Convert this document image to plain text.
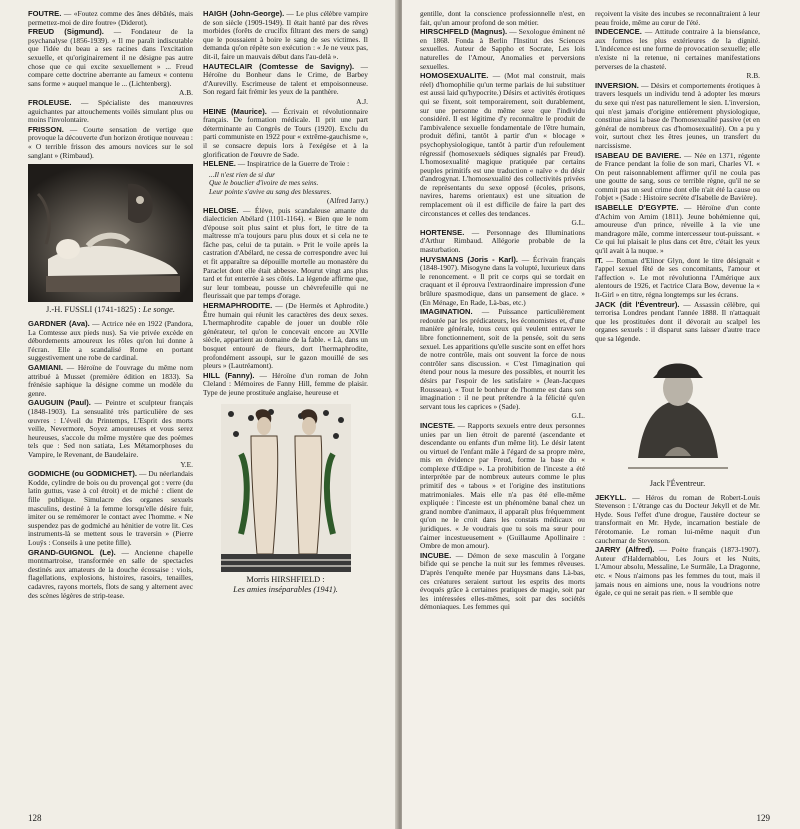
FOUTRE. — «Foutez comme des ânes débâtés, mais permettez-moi de dire foutre» (Diderot).
FREUD (Sigmund). — Fondateur de la psychanalyse (1856-1939). « Il me paraît indiscutable que l'idée du beau a ses racines dans l'excitation sexuelle, et qu'originairement il ne désigne pas autre chose que ce qui excite sexuellement » ... Freud compare cette doctrine aberrante au fameux « contenu sans forme » auquel manque le ... (Lichtenberg).
A.B.
FROLEUSE. — Spécialiste des manœuvres aguichantes par attouchements voilés simulant plus ou moins l'involontaire.
FRISSON. — Courte sensation de vertige que provoque la découverte d'un horizon érotique nouveau : « O terrible frisson des amours novices sur le sol sanglant » (Rimbaud).
J.-H. FUSSLI (1741-1825) : Le songe.
GARDNER (Ava). — Actrice née en 1922 (Pandora, La Comtesse aux pieds nus). Sa vie privée excède en débordements amoureux les rôles qu'on lui donne à l'écran. Elle a scandalisé Rome en portant suggestivement une robe de cardinal.
GAMIANI. — Héroïne de l'ouvrage du même nom attribué à Musset (première édition en 1833). Sa frénésie saphique la désigne comme un modèle du genre.
GAUGUIN (Paul). — Peintre et sculpteur français (1848-1903). La sensualité très particulière de ses œuvres : L'éveil du Printemps, L'Esprit des morts veille, Nevermore, Soyez amoureuses et vous serez heureuses, s'accole du même mystère que des poèmes tels que : Sed non satiata, Les Métamorphoses du Vampire, le Revenant, de Baudelaire.
Y.E.
GODMICHE (ou GODMICHET). — Du néerlandais Kodde, cylindre de bois ou du provençal got : verre (du latin guttus, vase à col étroit) et de miché : client de fille publique. Simulacre des organes sexuels masculins, destiné à la femme lorsqu'elle désire fuir, imiter ou se remémorer le contact avec l'homme. « Ne suspendez pas de godmiché au hénitier de votre lit. Ces instruments-là se mettent sous le traversin » (Pierre Louÿs : Conseils à une petite fille).
GRAND-GUIGNOL (Le). — Ancienne chapelle montmartroise, transformée en salle de spectacles destinés aux amateurs de la douche écossaise : viols, flagellations, explosions, histoires, rasoirs, tenailles, cadavres, rayons mortels, flots de sang y alternent avec des scènes légères de strip-tease.
HAIGH (John-George). — Le plus célèbre vampire de son siècle (1909-1949). Il était hanté par des rêves morbides (forêts de crucifix filtrant des mers de sang) que le poussaient à boire le sang de ses victimes. Il demanda qu'on répète son exécution : « Je ne veux pas, dit-il, faire un mauvais début dans l'au-delà ».
HAUTECLAIR (Comtesse de Savigny). — Héroïne du Bonheur dans le Crime, de Barbey d'Aurevilly. Escrimeuse de talent et empoisonneuse. Son regard fait frémir les yeux de la panthère.
A.J.
HEINE (Maurice). — Écrivain et révolutionnaire français. De formation médicale. Il prit une part déterminante au Congrès de Tours (1920). Exclu du parti communiste en 1922 pour « extrême-gauchisme », il se consacre depuis lors à l'exégèse et à la glorification de l'œuvre de Sade.
HELENE. — Inspiratrice de la Guerre de Troie :
...Il n'est rien de si dur
Que le bouclier d'ivoire de mes seins.
Leur pointe s'avive au sang des blessures.
(Alfred Jarry.)
HELOISE. — Élève, puis scandaleuse amante du dialecticien Abélard (1101-1164). « Bien que le nom d'épouse soit plus saint et plus fort, le titre de ta maîtresse m'a toujours paru plus doux et si cela ne te fâche pas, celui de ta putain. » Prit le voile après la castration d'Abélard, ne cessa de correspondre avec lui et fit apparaître sa dépouille mortelle au monastère du Paraclet dont elle était abbesse. Mourut vingt ans plus tard et fut enterrée à ses côtés. La légende affirme que, sur leur tombeau, pousse un chèvrefeuille qui ne fleurissait que par temps d'orage.
HERMAPHRODITE. — (De Hermès et Aphrodite.) Être humain qui réunit les caractères des deux sexes. L'hermaphrodite capable de jouer un double rôle générateur, tel qu'on le concevait encore au XVIIe siècle, appartient au domaine de la fable. « Là, dans un bosquet entouré de fleurs, dort l'hermaphrodite, profondément assoupi, sur le gazon mouillé de ses pleurs » (Lautréamont).
HILL (Fanny). — Héroïne d'un roman de John Cleland : Mémoires de Fanny Hill, femme de plaisir. Type de jeune prostituée anglaise, heureuse et
Morris HIRSHFIELD :
Les amies inséparables (1941).
128
gentille, dont la conscience professionnelle n'est, en fait, qu'un amour profond de son métier.
HIRSCHFELD (Magnus). — Sexologue éminent né en 1868. Fonda à Berlin l'Institut des Sciences sexuelles. Auteur de Sappho et Socrate, Les lois naturelles de l'Amour, Anomalies et perversions sexuelles.
HOMOSEXUALITE. — (Mot mal construit, mais réel) d'homophilie qu'un terme parlais de lui substituer est aussi laid qu'hypocrite.) Désirs et activités érotiques qui se fixent, soit temporairement, soit durablement, sur une personne du même sexe que l'individu considéré. Il est légitime d'y reconnaître le produit de l'ambivalence sexuelle fondamentale de l'être humain, produit défini, tantôt à partir d'un « blocage » psychophysiologique, tantôt à partir d'un refoulement régressif (homosexuels sédiques signalés par Freud). L'homosexualité magique pratiquée par certains peuples primitifs est une traduction « naïve » du désir d'androgynat. L'homosexualité des collectivités privées de représentants du sexe opposé (écoles, prisons, navires, harems orientaux) est une situation de remplacement où il est difficile de faire la part des circonstances et celles des tendances.
G.L.
HORTENSE. — Personnage des Illuminations d'Arthur Rimbaud. Allégorie probable de la masturbation.
HUYSMANS (Joris - Karl). — Écrivain français (1848-1907). Misogyne dans la volupté, luxurieux dans le renoncement. « Il prit ce corps qui se tordait en craquant et il éprouva l'extraordinaire impression d'une brûlure spasmodique, dans un pansement de glace. » (En Ménage, En Rade, Là-bas, etc.)
IMAGINATION. — Puissance particulièrement redoutée par les prédicateurs, les économistes et, d'une manière générale, tous ceux qui veulent entraver le libre fonctionnement, soit de la pensée, soit du sens sexuel. Les apparitions qu'elle suscite sont en effet hors de notre contrôle, mais ont souvent la force de nous contrôler sans discussion. « C'est l'imagination qui étend pour nous la mesure des possibles, et nourrit les désirs par l'espoir de les satisfaire » (Jean-Jacques Rousseau). « Tout le bonheur de l'homme est dans son imagination : il ne peut prétendre à la félicité qu'en servant tous les caprices » (Sade).
G.L.
INCESTE. — Rapports sexuels entre deux personnes unies par un lien étroit de parenté (ascendante et descendante ou enfants d'un même lit). Le désir latent ou virtuel de l'enfant mâle à l'égard de sa propre mère, mis en évidence par Freud, forme la base du « complexe d'Œdipe ». La prohibition de l'inceste a été interprétée par de nombreux auteurs comme le plus primitif des « tabous » et l'origine des institutions matrimoniales. Mais elle n'a pas été elle-même expliquée : l'inceste est un phénomène banal chez un grand nombre d'animaux, il apparaît plus fréquemment qu'on ne le croit dans les constats médicaux ou juridiques. « Je voudrais que tu sois ma sœur pour t'aimer incestueusement » (Guillaume Apollinaire : Ombre de mon amour).
INCUBE. — Démon de sexe masculin à l'organe bifide qui se penche la nuit sur les femmes rêveuses. D'après l'enquête menée par Huysmans dans Là-bas, ces créatures seraient surtout les esprits des morts évoqués grâce à certaines pratiques de magie, soit par les intéressées elles-mêmes, soit par des sociétés démoniaques. Les femmes qui
reçoivent la visite des incubes se reconnaîtraient à leur peau froide, même au cœur de l'été.
INDECENCE. — Attitude contraire à la bienséance, aux formes les plus extérieures de la dignité. L'indécence est une forme de provocation sexuelle; elle n'existe ni la retenue, ni certaines manifestations perverses de la chasteté.
R.B.
INVERSION. — Désirs et comportements érotiques à travers lesquels un individu tend à adopter les mœurs du sexe qui n'est pas naturellement le sien. L'inversion, qui n'est jamais d'origine entièrement physiologique, constitue ainsi la base de l'homosexualité passive (et en général de nombreux cas d'homosexualité). On a pu y voir, surtout chez les êtres jeunes, un transfert du narcissisme.
ISABEAU DE BAVIERE. — Née en 1371, régente de France pendant la folie de son mari, Charles VI. « On peut raisonnablement affirmer qu'il ne coula pas une goutte de sang, sous ce terrible règne, qu'il ne se commit pas un seul crime dont elle n'ait été la cause ou l'objet » (Sade : Histoire secrète d'Isabelle de Bavière).
ISABELLE D'EGYPTE. — Héroïne d'un conte d'Achim von Arnim (1811). Jeune bohémienne qui, amoureuse d'un prince, réveille à la vie une mandragore mâle, comme intercesseur tout-puissant. « Ce qui lui plaisait le plus dans cet être, c'était les yeux qu'il avait à la nuque. »
IT. — Roman d'Elinor Glyn, dont le titre désignait « l'appel sexuel fêté de ses concomitants, l'amour et l'affection ». Le mot révolutionna l'Amérique aux alentours de 1926, et l'actrice Clara Bow, devenue la « It-Girl » en titre, régna longtemps sur les écrans.
JACK (dit l'Éventreur). — Assassin célèbre, qui terrorisa Londres pendant l'année 1888. Il n'attaquait que les prostituées dont il dévorait au scalpel les organes sexuels : il disparut sans laisser d'autre trace que sa légende.
Jack l'Éventreur.
JEKYLL. — Héros du roman de Robert-Louis Stevenson : L'étrange cas du Docteur Jekyll et de Mr. Hyde. Sous l'effet d'une drogue, l'austère docteur se transformait en Mr. Hyde, incarnation bestiale de l'érotomanie. Le roman lui-même naquit d'un cauchemar de Stevenson.
JARRY (Alfred). — Poète français (1873-1907). Auteur d'Haldernablou, Les Jours et les Nuits, L'Amour absolu, Messaline, Le Surmâle, La Dragonne, etc. « Nous n'aimons pas les femmes du tout, mais il jamais nous en aimions une, nous la voudrions notre égale, ce qui ne serait pas rien. » Il semble que
129
